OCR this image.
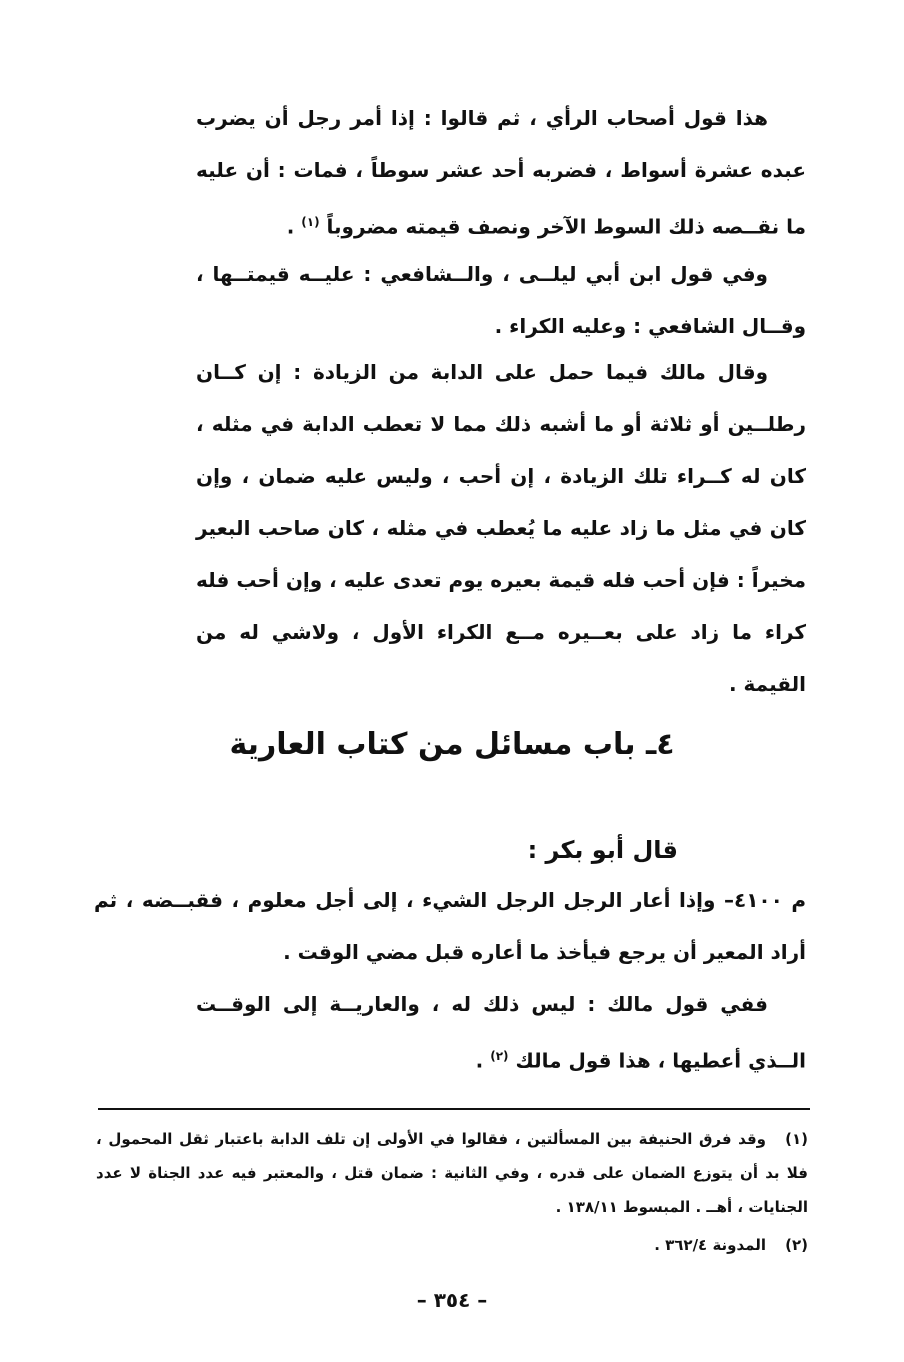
هذا قول أصحاب الرأي ، ثم قالوا : إذا أمر رجل أن يضرب عبده عشرة أسواط ، فضربه أحد عشر سوطاً ، فمات : أن عليه ما نقــصه ذلك السوط الآخر ونصف قيمته مضروباً $^{(١)}$ .

وفي قول ابن أبي ليلــى ، والــشافعي : عليــه قيمتــها ، وقــال الشافعي : وعليه الكراء .

وقال مالك فيما حمل على الدابة من الزيادة : إن كــان رطلــين أو ثلاثة أو ما أشبه ذلك مما لا تعطب الدابة في مثله ، كان له كــراء تلك الزيادة ، إن أحب ، وليس عليه ضمان ، وإن كان في مثل ما زاد عليه ما يُعطب في مثله ، كان صاحب البعير مخيراً : فإن أحب فله قيمة بعيره يوم تعدى عليه ، وإن أحب فله كراء ما زاد على بعــيره مــع الكراء الأول ، ولاشي له من القيمة .

٤ـ باب مسائل من كتاب العارية
قال أبو بكر :

م ٤١٠٠– وإذا أعار الرجل الرجل الشيء ، إلى أجل معلوم ، فقبــضه ، ثم أراد المعير أن يرجع فيأخذ ما أعاره قبل مضي الوقت .

ففي قول مالك : ليس ذلك له ، والعاريــة إلى الوقــت الــذي أعطيها ، هذا قول مالك $^{(٢)}$ .

(١)وقد فرق الحنيفة بين المسألتين ، فقالوا في الأولى إن تلف الدابة باعتبار ثقل المحمول ، فلا بد أن يتوزع الضمان على قدره ، وفي الثانية : ضمان قتل ، والمعتبر فيه عدد الجناة لا عدد الجنايات ، أهــ . المبسوط ١٣٨/١١ .

(٢)المدونة ٣٦٢/٤ .

– ٣٥٤ –
